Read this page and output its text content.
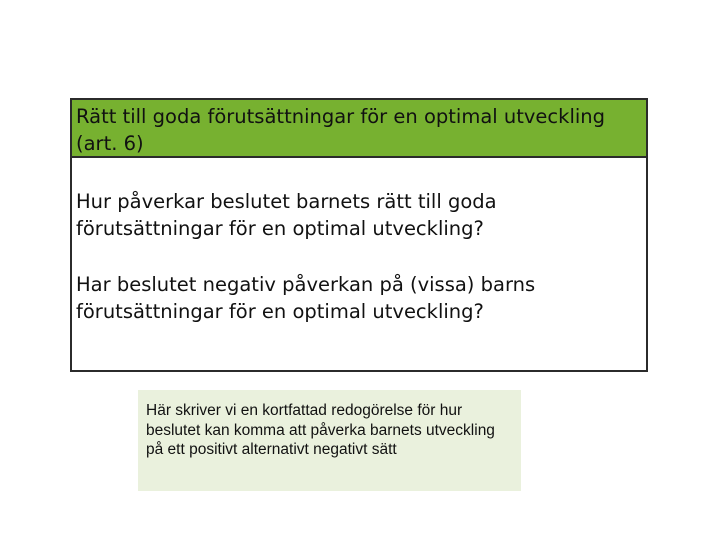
Rätt till goda förutsättningar för en optimal utveckling (art. 6)
Hur påverkar beslutet barnets rätt till goda förutsättningar för en optimal utveckling?
Har beslutet negativ påverkan på (vissa) barns förutsättningar för en optimal utveckling?
Här skriver vi en kortfattad redogörelse för hur beslutet kan komma att påverka barnets utveckling på ett positivt alternativt negativt sätt
